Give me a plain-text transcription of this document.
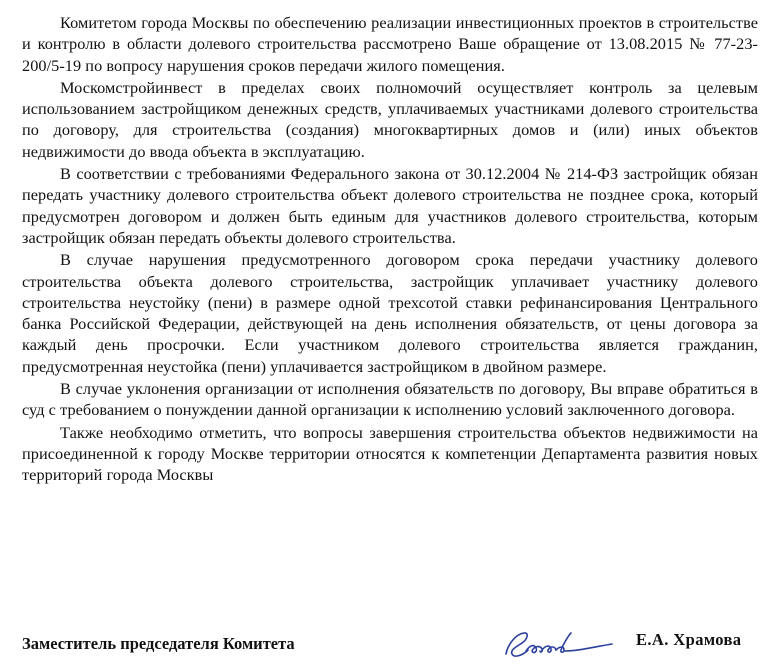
Комитетом города Москвы по обеспечению реализации инвестиционных проектов в строительстве и контролю в области долевого строительства рассмотрено Ваше обращение от 13.08.2015 № 77-23-200/5-19 по вопросу нарушения сроков передачи жилого помещения.

Москомстройинвест в пределах своих полномочий осуществляет контроль за целевым использованием застройщиком денежных средств, уплачиваемых участниками долевого строительства по договору, для строительства (создания) многоквартирных домов и (или) иных объектов недвижимости до ввода объекта в эксплуатацию.

В соответствии с требованиями Федерального закона от 30.12.2004 № 214-ФЗ застройщик обязан передать участнику долевого строительства объект долевого строительства не позднее срока, который предусмотрен договором и должен быть единым для участников долевого строительства, которым застройщик обязан передать объекты долевого строительства.

В случае нарушения предусмотренного договором срока передачи участнику долевого строительства объекта долевого строительства, застройщик уплачивает участнику долевого строительства неустойку (пени) в размере одной трехсотой ставки рефинансирования Центрального банка Российской Федерации, действующей на день исполнения обязательств, от цены договора за каждый день просрочки. Если участником долевого строительства является гражданин, предусмотренная неустойка (пени) уплачивается застройщиком в двойном размере.

В случае уклонения организации от исполнения обязательств по договору, Вы вправе обратиться в суд с требованием о понуждении данной организации к исполнению условий заключенного договора.

Также необходимо отметить, что вопросы завершения строительства объектов недвижимости на присоединенной к городу Москве территории относятся к компетенции Департамента развития новых территорий города Москвы

Заместитель председателя Комитета	Е.А. Храмова
